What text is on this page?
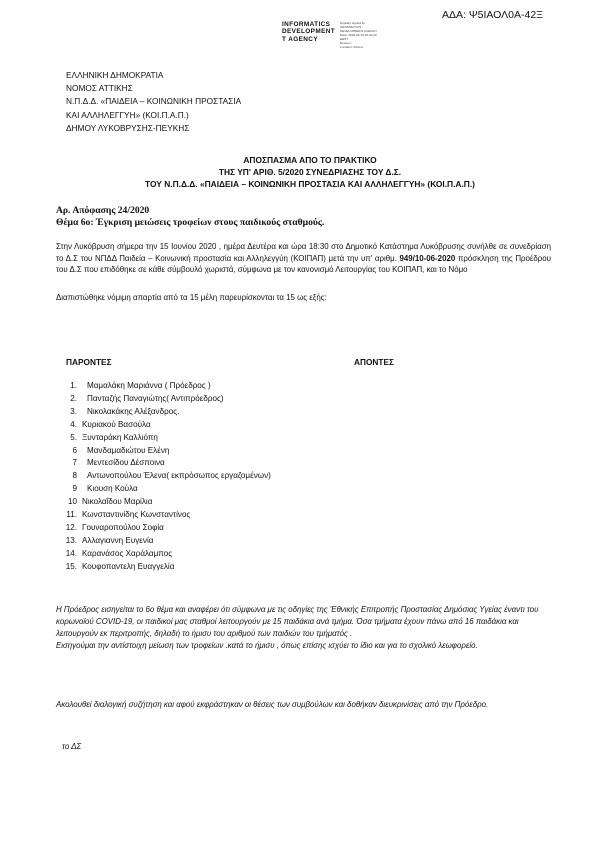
ΑΔΑ: Ψ5ΙΑΟΛ0Α-42Ξ
INFORMATICS
DEVELOPMENT
T AGENCY
Digitally signed by
INFORMATICS
DEVELOPMENT AGENCY
Date: 2020.06.18 15:02:22
EEST
Reason:
Location: Athens
ΕΛΛΗΝΙΚΗ ΔΗΜΟΚΡΑΤΙΑ
ΝΟΜΟΣ ΑΤΤΙΚΗΣ
Ν.Π.Δ.Δ. «ΠΑΙΔΕΙΑ – ΚΟΙΝΩΝΙΚΗ ΠΡΟΣΤΑΣΙΑ
ΚΑΙ ΑΛΛΗΛΕΓΓΥΗ» (ΚΟΙ.Π.Α.Π.)
ΔΗΜΟΥ ΛΥΚΟΒΡΥΣΗΣ-ΠΕΥΚΗΣ
ΑΠΟΣΠΑΣΜΑ ΑΠΟ ΤΟ ΠΡΑΚΤΙΚΟ
ΤΗΣ ΥΠ' ΑΡΙΘ. 5/2020 ΣΥΝΕΔΡΙΑΣΗΣ ΤΟΥ Δ.Σ.
ΤΟΥ Ν.Π.Δ.Δ. «ΠΑΙΔΕΙΑ – ΚΟΙΝΩΝΙΚΗ ΠΡΟΣΤΑΣΙΑ ΚΑΙ ΑΛΛΗΛΕΓΓΥΗ» (ΚΟΙ.Π.Α.Π.)
Αρ. Απόφασης 24/2020
Θέμα 6ο: Έγκριση μειώσεις τροφείων στους παιδικούς σταθμούς.

Στην Λυκόβρυση σήμερα την 15 Ιουνίου 2020 , ημέρα Δευτέρα και ώρα 18:30 στο Δημοτικό Κατάστημα Λυκόβρυσης συνήλθε σε συνεδρίαση το Δ.Σ του ΝΠΔΔ Παιδεία – Κοινωνική προστασία και Αλληλεγγύη (ΚΟΙΠΑΠ) μετά την υπ' αριθμ. 949/10-06-2020 πρόσκληση της Προέδρου του Δ.Σ που επιδόθηκε σε κάθε σύμβουλό χωριστά, σύμφωνα με τον κανονισμό Λειτουργίας του ΚΟΙΠΑΠ, και το Νόμο

Διαπιστώθηκε νόμιμη απαρτία από τα 15 μέλη παρευρίσκονται τα 15 ως εξής:
ΠΑΡΟΝΤΕΣ	ΑΠΟΝΤΕΣ
1.	Μαμαλάκη Μαριάννα ( Πρόεδρος )
2.	Πανταζής Παναγιώτης( Αντιπρόεδρος)
3.	Νικολακάκης Αλέξανδρος.
4. Κυριακού Βασούλα
5. Ξυνταράκη Καλλιόπη
6	Μανδαμαδιώτου Ελένη
7	Μεντεσίδου Δέσποινα
8	Αντωνοπούλου Έλενα( εκπρόσωπος εργαζομένων)
9	Κιουση Κούλα
10 Νικολαΐδου Μαρίλια
11. Κωνσταντινίδης Κωνσταντίνος
12. Γουναροπούλου Σοφία
13. Αλλαγιαννη Ευγενία
14. Καρανάσος Χαράλαμπος
15. Κουφοπαντελη Ευαγγελία

Η Πρόεδρος εισηγείται το 6ο θέμα και αναφέρει ότι σύμφωνα με τις οδηγίες της 'Εθνικής Επιτροπής Προστασίας Δημόσιας Υγείας έναντι του κορωνοϊού COVID-19, οι παιδικοί μας σταθμοί λειτουργούν με 15 παιδάκια ανά τμήμα. Όσα τμήματα έχουν πάνω από 16 παιδάκια και λειτουργούν εκ περιτροπής, δηλαδή το ήμισυ του αριθμού των παιδιών του τμήματός .

Εισηγούμαι την αντίστοιχη μείωση των τροφείων .κατά το ήμισυ , όπως επίσης ισχύει το ίδιο και για το σχολικό λεωφορείο.

Ακολουθεί διαλογική συζήτηση και αφού εκφράστηκαν οι θέσεις των συμβούλων και δοθήκαν διευκρινίσεις από την Πρόεδρο.

το ΔΣ
